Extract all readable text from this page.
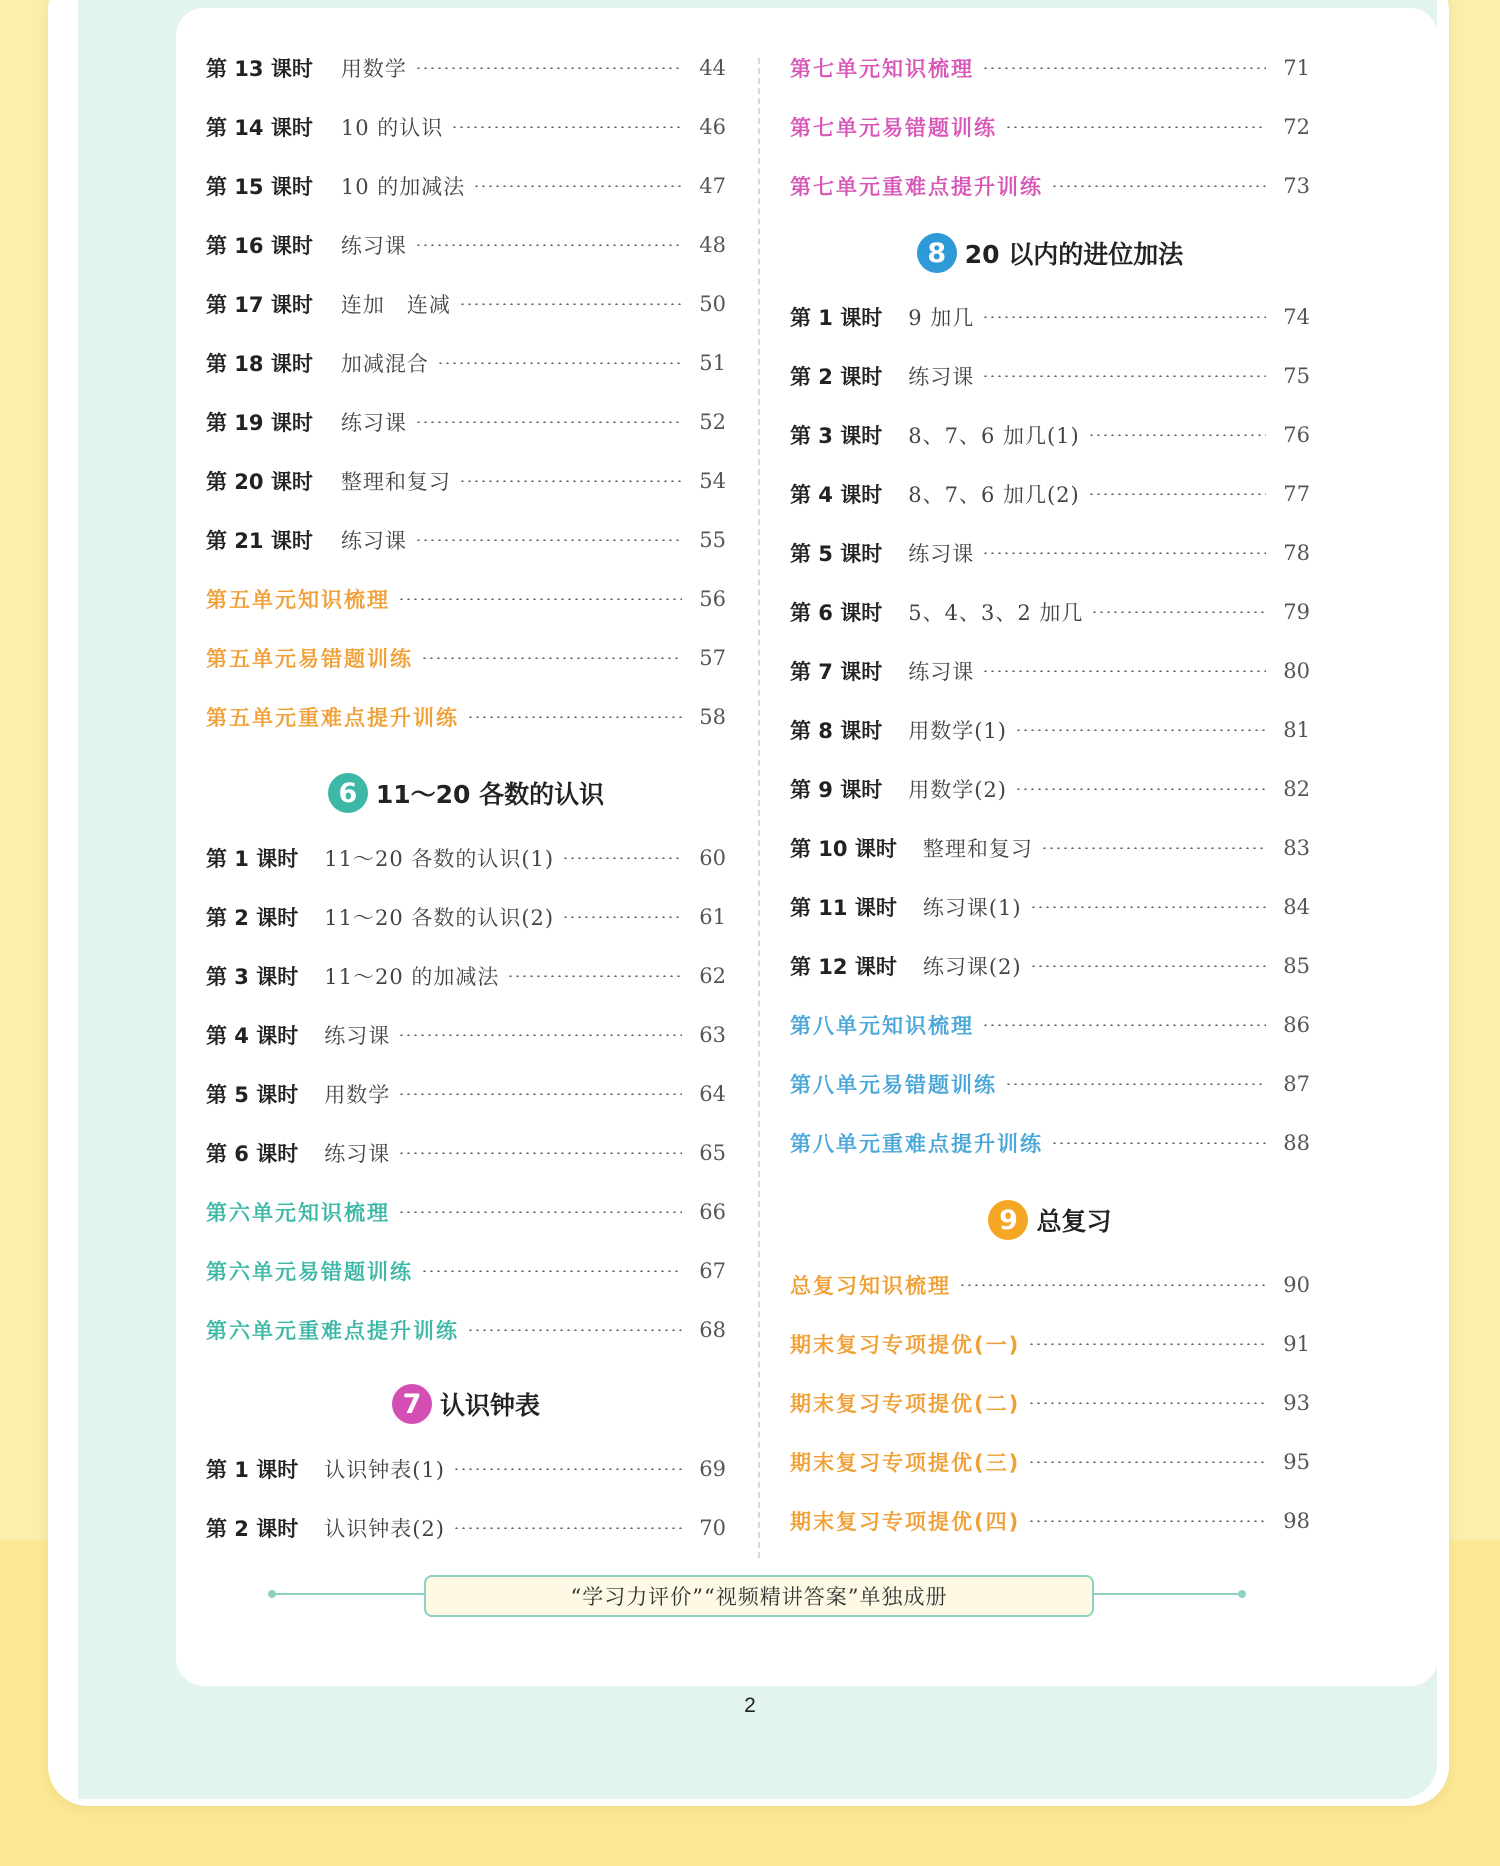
第 13 课时 用数学	44
第 14 课时 10 的认识	46
第 15 课时 10 的加减法	47
第 16 课时 练习课	48
第 17 课时 连加　连减	50
第 18 课时 加减混合	51
第 19 课时 练习课	52
第 20 课时 整理和复习	54
第 21 课时 练习课	55
第五单元知识梳理	56
第五单元易错题训练	57
第五单元重难点提升训练	58
6 11～20 各数的认识
第 1 课时 11～20 各数的认识(1)	60
第 2 课时 11～20 各数的认识(2)	61
第 3 课时 11～20 的加减法	62
第 4 课时 练习课	63
第 5 课时 用数学	64
第 6 课时 练习课	65
第六单元知识梳理	66
第六单元易错题训练	67
第六单元重难点提升训练	68
7 认识钟表
第 1 课时 认识钟表(1)	69
第 2 课时 认识钟表(2)	70
第七单元知识梳理	71
第七单元易错题训练	72
第七单元重难点提升训练	73
8 20 以内的进位加法
第 1 课时 9 加几	74
第 2 课时 练习课	75
第 3 课时 8、7、6 加几(1)	76
第 4 课时 8、7、6 加几(2)	77
第 5 课时 练习课	78
第 6 课时 5、4、3、2 加几	79
第 7 课时 练习课	80
第 8 课时 用数学(1)	81
第 9 课时 用数学(2)	82
第 10 课时 整理和复习	83
第 11 课时 练习课(1)	84
第 12 课时 练习课(2)	85
第八单元知识梳理	86
第八单元易错题训练	87
第八单元重难点提升训练	88
9 总复习
总复习知识梳理	90
期末复习专项提优(一)	91
期末复习专项提优(二)	93
期末复习专项提优(三)	95
期末复习专项提优(四)	98
“学习力评价”“视频精讲答案”单独成册
2
